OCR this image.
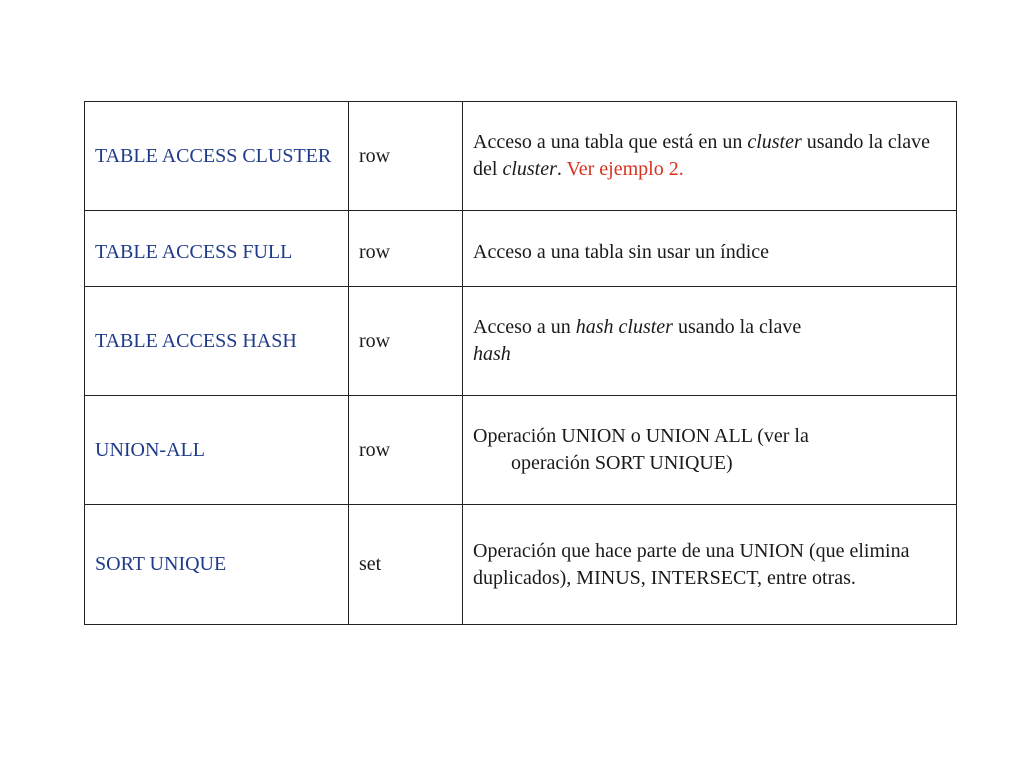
TABLE ACCESS CLUSTER	row	Acceso a una tabla que está en un cluster usando la clave del cluster. Ver ejemplo 2.
TABLE ACCESS FULL	row	Acceso a una tabla sin usar un índice
TABLE ACCESS HASH	row	Acceso a un hash cluster usando la clave
hash

UNION-ALL	row	Operación UNION o UNION ALL (ver la
operación SORT UNIQUE)

SORT UNIQUE	set	Operación que hace parte de una UNION (que elimina duplicados), MINUS, INTERSECT, entre otras.
